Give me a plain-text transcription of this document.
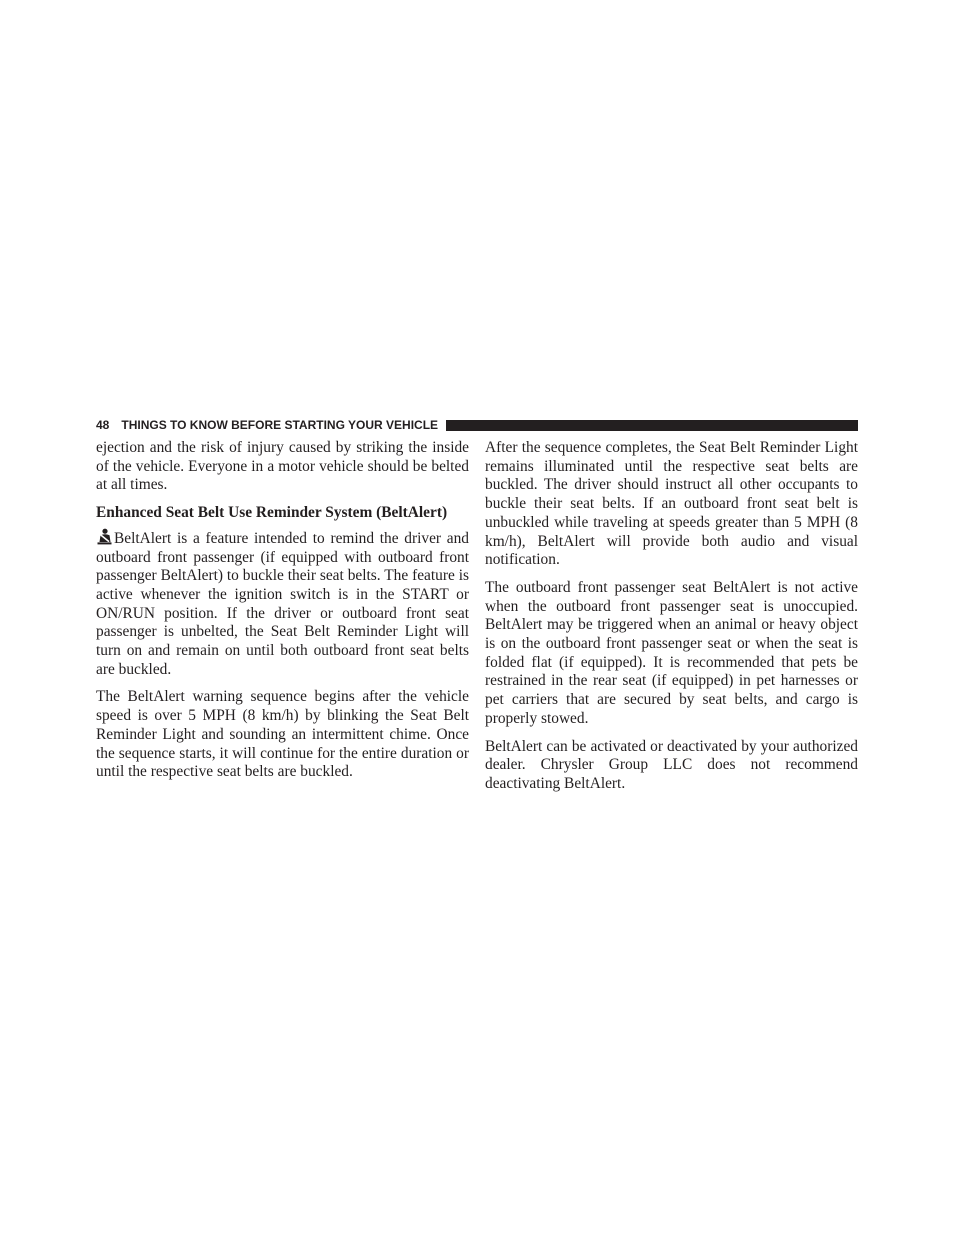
48 THINGS TO KNOW BEFORE STARTING YOUR VEHICLE

ejection and the risk of injury caused by striking the inside of the vehicle. Everyone in a motor vehicle should be belted at all times.

Enhanced Seat Belt Use Reminder System (BeltAlert)

BeltAlert is a feature intended to remind the driver and outboard front passenger (if equipped with outboard front passenger BeltAlert) to buckle their seat belts. The feature is active whenever the ignition switch is in the START or ON/RUN position. If the driver or outboard front seat passenger is unbelted, the Seat Belt Reminder Light will turn on and remain on until both outboard front seat belts are buckled.

The BeltAlert warning sequence begins after the vehicle speed is over 5 MPH (8 km/h) by blinking the Seat Belt Reminder Light and sounding an intermittent chime. Once the sequence starts, it will continue for the entire duration or until the respective seat belts are buckled.

After the sequence completes, the Seat Belt Reminder Light remains illuminated until the respective seat belts are buckled. The driver should instruct all other occupants to buckle their seat belts. If an outboard front seat belt is unbuckled while traveling at speeds greater than 5 MPH (8 km/h), BeltAlert will provide both audio and visual notification.

The outboard front passenger seat BeltAlert is not active when the outboard front passenger seat is unoccupied. BeltAlert may be triggered when an animal or heavy object is on the outboard front passenger seat or when the seat is folded flat (if equipped). It is recommended that pets be restrained in the rear seat (if equipped) in pet harnesses or pet carriers that are secured by seat belts, and cargo is properly stowed.

BeltAlert can be activated or deactivated by your authorized dealer. Chrysler Group LLC does not recommend deactivating BeltAlert.
